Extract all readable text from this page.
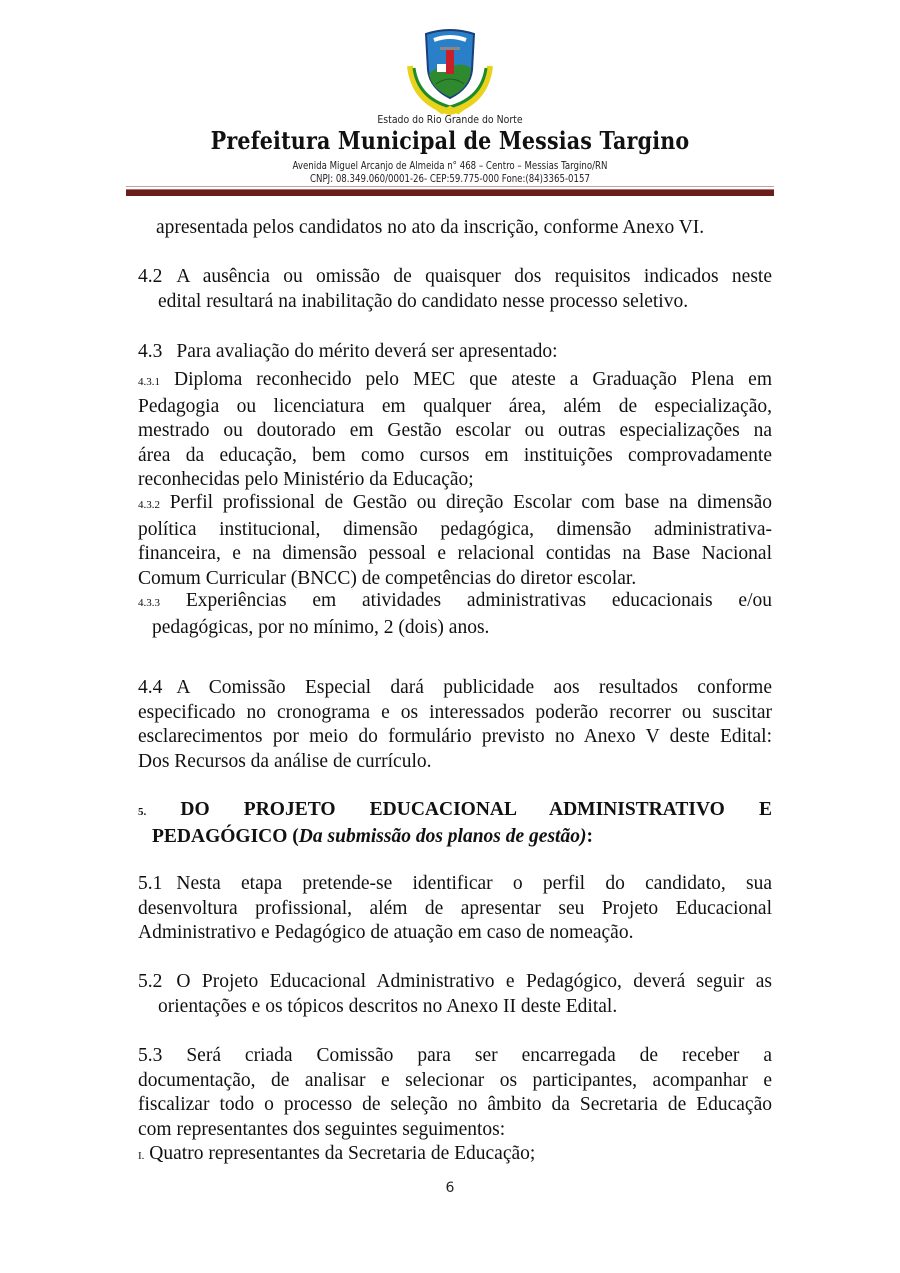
Estado do Rio Grande do Norte
Prefeitura Municipal de Messias Targino
Avenida Miguel Arcanjo de Almeida n° 468 – Centro – Messias Targino/RN
CNPJ: 08.349.060/0001-26- CEP:59.775-000 Fone:(84)3365-0157
apresentada pelos candidatos no ato da inscrição, conforme Anexo VI.
4.2 A ausência ou omissão de quaisquer dos requisitos indicados neste
edital resultará na inabilitação do candidato nesse processo seletivo.
4.3 Para avaliação do mérito deverá ser apresentado:
4.3.1 Diploma reconhecido pelo MEC que ateste a Graduação Plena em
Pedagogia ou licenciatura em qualquer área, além de especialização,
mestrado ou doutorado em Gestão escolar ou outras especializações na
área da educação, bem como cursos em instituições comprovadamente
reconhecidas pelo Ministério da Educação;
4.3.2 Perfil profissional de Gestão ou direção Escolar com base na dimensão
política institucional, dimensão pedagógica, dimensão administrativa-
financeira, e na dimensão pessoal e relacional contidas na Base Nacional
Comum Curricular (BNCC) de competências do diretor escolar.
4.3.3 Experiências em atividades administrativas educacionais e/ou
pedagógicas, por no mínimo, 2 (dois) anos.
4.4 A Comissão Especial dará publicidade aos resultados conforme
especificado no cronograma e os interessados poderão recorrer ou suscitar
esclarecimentos por meio do formulário previsto no Anexo V deste Edital:
Dos Recursos da análise de currículo.
5. DO PROJETO EDUCACIONAL ADMINISTRATIVO E
PEDAGÓGICO (Da submissão dos planos de gestão):
5.1 Nesta etapa pretende-se identificar o perfil do candidato, sua
desenvoltura profissional, além de apresentar seu Projeto Educacional
Administrativo e Pedagógico de atuação em caso de nomeação.
5.2 O Projeto Educacional Administrativo e Pedagógico, deverá seguir as
orientações e os tópicos descritos no Anexo II deste Edital.
5.3 Será criada Comissão para ser encarregada de receber a
documentação, de analisar e selecionar os participantes, acompanhar e
fiscalizar todo o processo de seleção no âmbito da Secretaria de Educação
com representantes dos seguintes seguimentos:
I. Quatro representantes da Secretaria de Educação;
6
